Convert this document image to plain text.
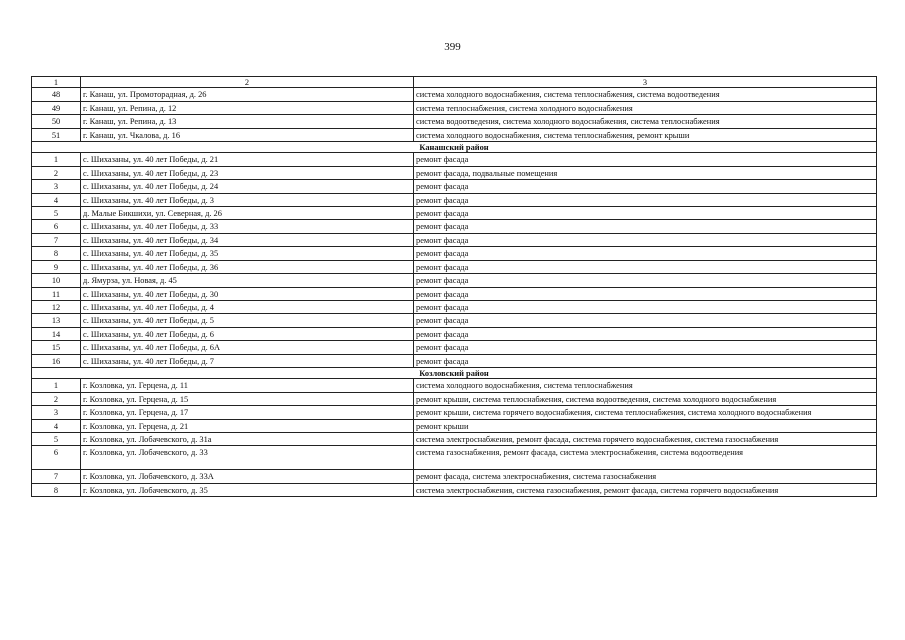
399
1	2	3
48	г. Канаш, ул. Промоторадная, д. 26	система холодного водоснабжения, система теплоснабжения, система водоотведения
49	г. Канаш, ул. Репина, д. 12	система теплоснабжения, система холодного водоснабжения
50	г. Канаш, ул. Репина, д. 13	система водоотведения, система холодного водоснабжения, система теплоснабжения
51	г. Канаш, ул. Чкалова, д. 16	система холодного водоснабжения, система теплоснабжения, ремонт крыши
Канашский район		
1	с. Шихазаны, ул. 40 лет Победы, д. 21	ремонт фасада
2	с. Шихазаны, ул. 40 лет Победы, д. 23	ремонт фасада, подвальные помещения
3	с. Шихазаны, ул. 40 лет Победы, д. 24	ремонт фасада
4	с. Шихазаны, ул. 40 лет Победы, д. 3	ремонт фасада
5	д. Малые Бикшихи, ул. Северная, д. 26	ремонт фасада
6	с. Шихазаны, ул. 40 лет Победы, д. 33	ремонт фасада
7	с. Шихазаны, ул. 40 лет Победы, д. 34	ремонт фасада
8	с. Шихазаны, ул. 40 лет Победы, д. 35	ремонт фасада
9	с. Шихазаны, ул. 40 лет Победы, д. 36	ремонт фасада
10	д. Ямурза, ул. Новая, д. 45	ремонт фасада
11	с. Шихазаны, ул. 40 лет Победы, д. 30	ремонт фасада
12	с. Шихазаны, ул. 40 лет Победы, д. 4	ремонт фасада
13	с. Шихазаны, ул. 40 лет Победы, д. 5	ремонт фасада
14	с. Шихазаны, ул. 40 лет Победы, д. 6	ремонт фасада
15	с. Шихазаны, ул. 40 лет Победы, д. 6А	ремонт фасада
16	с. Шихазаны, ул. 40 лет Победы, д. 7	ремонт фасада
Козловский район		
1	г. Козловка, ул. Герцена, д. 11	система холодного водоснабжения, система теплоснабжения
2	г. Козловка, ул. Герцена, д. 15	ремонт крыши, система теплоснабжения, система водоотведения, система холодного водоснабжения
3	г. Козловка, ул. Герцена, д. 17	ремонт крыши, система горячего водоснабжения, система теплоснабжения, система холодного водоснабжения
4	г. Козловка, ул. Герцена, д. 21	ремонт крыши
5	г. Козловка, ул. Лобачевского, д. 31а	система электроснабжения, ремонт фасада, система горячего водоснабжения, система газоснабжения
6	г. Козловка, ул. Лобачевского, д. 33	система газоснабжения, ремонт фасада, система электроснабжения, система водоотведения
7	г. Козловка, ул. Лобачевского, д. 33А	ремонт фасада, система электроснабжения, система газоснабжения
8	г. Козловка, ул. Лобачевского, д. 35	система электроснабжения, система газоснабжения, ремонт фасада, система горячего водоснабжения
